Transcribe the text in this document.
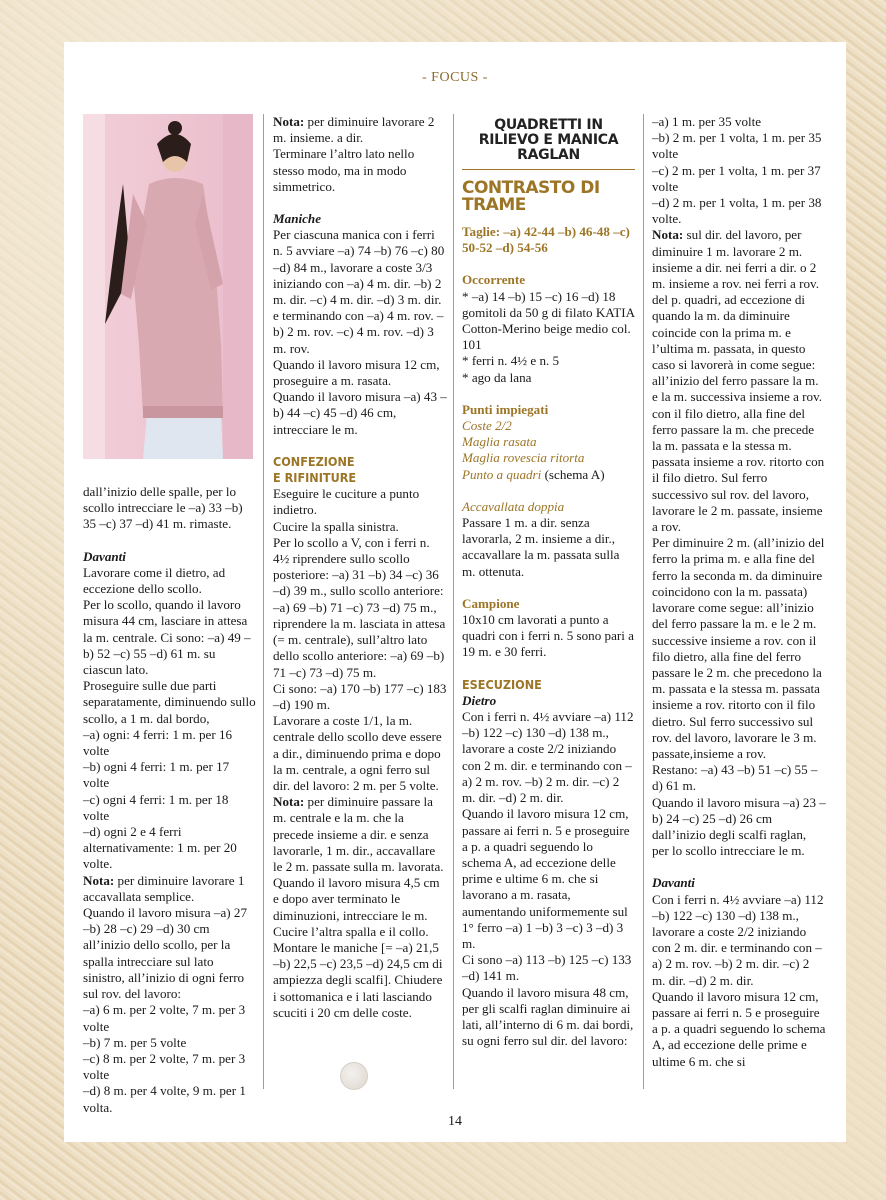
- FOCUS -

dall’inizio delle spalle, per lo scollo intrecciare le –a) 33 –b) 35 –c) 37 –d) 41 m. rimaste.

Davanti

Lavorare come il dietro, ad eccezione dello scollo.

Per lo scollo, quando il lavoro misura 44 cm, lasciare in attesa la m. centrale. Ci sono: –a) 49 –b) 52 –c) 55 –d) 61 m. su ciascun lato.

Proseguire sulle due parti separatamente, diminuendo sullo scollo, a 1 m. dal bordo,

–a) ogni: 4 ferri: 1 m. per 16 volte

–b) ogni 4 ferri: 1 m. per 17 volte

–c) ogni 4 ferri: 1 m. per 18 volte

–d) ogni 2 e 4 ferri alternativamente: 1 m. per 20 volte.

Nota: per diminuire lavorare 1 accavallata semplice.

Quando il lavoro misura –a) 27 –b) 28 –c) 29 –d) 30 cm all’inizio dello scollo, per la spalla intrecciare sul lato sinistro, all’inizio di ogni ferro sul rov. del lavoro:

–a) 6 m. per 2 volte, 7 m. per 3 volte

–b) 7 m. per 5 volte

–c) 8 m. per 2 volte, 7 m. per 3 volte

–d) 8 m. per 4 volte, 9 m. per 1 volta.

Nota: per diminuire lavorare 2 m. insieme. a dir.

Terminare l’altro lato nello stesso modo, ma in modo simmetrico.

Maniche

Per ciascuna manica con i ferri n. 5 avviare –a) 74 –b) 76 –c) 80 –d) 84 m., lavorare a coste 3/3 iniziando con –a) 4 m. dir. –b) 2 m. dir. –c) 4 m. dir. –d) 3 m. dir. e terminando con –a) 4 m. rov. –b) 2 m. rov. –c) 4 m. rov. –d) 3 m. rov.

Quando il lavoro misura 12 cm, proseguire a m. rasata.

Quando il lavoro misura –a) 43 –b) 44 –c) 45 –d) 46 cm, intrecciare le m.

CONFEZIONE

E RIFINITURE

Eseguire le cuciture a punto indietro.

Cucire la spalla sinistra.

Per lo scollo a V, con i ferri n. 4½ riprendere sullo scollo posteriore: –a) 31 –b) 34 –c) 36 –d) 39 m., sullo scollo anteriore: –a) 69 –b) 71 –c) 73 –d) 75 m., riprendere la m. lasciata in attesa (= m. centrale), sull’altro lato dello scollo anteriore: –a) 69 –b) 71 –c) 73 –d) 75 m.

Ci sono: –a) 170 –b) 177 –c) 183 –d) 190 m.

Lavorare a coste 1/1, la m. centrale dello scollo deve essere a dir., diminuendo prima e dopo la m. centrale, a ogni ferro sul dir. del lavoro: 2 m. per 5 volte.

Nota: per diminuire passare la m. centrale e la m. che la precede insieme a dir. e senza lavorarle, 1 m. dir., accavallare le 2 m. passate sulla m. lavorata.

Quando il lavoro misura 4,5 cm e dopo aver terminato le diminuzioni, intrecciare le m.

Cucire l’altra spalla e il collo.

Montare le maniche [= –a) 21,5 –b) 22,5 –c) 23,5 –d) 24,5 cm di ampiezza degli scalfi]. Chiudere i sottomanica e i lati lasciando scuciti i 20 cm delle coste.

QUADRETTI IN RILIEVO E MANICA RAGLAN
CONTRASTO DI TRAME

Taglie: –a) 42-44 –b) 46-48 –c) 50-52 –d) 54-56

Occorrente

* –a) 14 –b) 15 –c) 16 –d) 18 gomitoli da 50 g di filato KATIA Cotton-Merino beige medio col. 101

* ferri n. 4½ e n. 5

* ago da lana

Punti impiegati

Coste 2/2

Maglia rasata

Maglia rovescia ritorta

Punto a quadri (schema A)

Accavallata doppia

Passare 1 m. a dir. senza lavorarla, 2 m. insieme a dir., accavallare la m. passata sulla m. ottenuta.

Campione

10x10 cm lavorati a punto a quadri con i ferri n. 5 sono pari a 19 m. e 30 ferri.

ESECUZIONE

Dietro

Con i ferri n. 4½ avviare –a) 112 –b) 122 –c) 130 –d) 138 m., lavorare a coste 2/2 iniziando con 2 m. dir. e terminando con –a) 2 m. rov. –b) 2 m. dir. –c) 2 m. dir. –d) 2 m. dir.

Quando il lavoro misura 12 cm, passare ai ferri n. 5 e proseguire a p. a quadri seguendo lo schema A, ad eccezione delle prime e ultime 6 m. che si lavorano a m. rasata, aumentando uniformemente sul 1° ferro –a) 1 –b) 3 –c) 3 –d) 3 m.

Ci sono –a) 113 –b) 125 –c) 133 –d) 141 m.

Quando il lavoro misura 48 cm, per gli scalfi raglan diminuire ai lati, all’interno di 6 m. dai bordi, su ogni ferro sul dir. del lavoro:

–a) 1 m. per 35 volte

–b) 2 m. per 1 volta, 1 m. per 35 volte

–c) 2 m. per 1 volta, 1 m. per 37 volte

–d) 2 m. per 1 volta, 1 m. per 38 volte.

Nota: sul dir. del lavoro, per diminuire 1 m. lavorare 2 m. insieme a dir. nei ferri a dir. o 2 m. insieme a rov. nei ferri a rov. del p. quadri, ad eccezione di quando la m. da diminuire coincide con la prima m. e l’ultima m. passata, in questo caso si lavorerà in come segue: all’inizio del ferro passare la m. e la m. successiva insieme a rov. con il filo dietro, alla fine del ferro passare la m. che precede la m. passata e la stessa m. passata insieme a rov. ritorto con il filo dietro. Sul ferro successivo sul rov. del lavoro, lavorare le 2 m. passate, insieme a rov.

Per diminuire 2 m. (all’inizio del ferro la prima m. e alla fine del ferro la seconda m. da diminuire coincidono con la m. passata) lavorare come segue: all’inizio del ferro passare la m. e le 2 m. successive insieme a rov. con il filo dietro, alla fine del ferro passare le 2 m. che precedono la m. passata e la stessa m. passata insieme a rov. ritorto con il filo dietro. Sul ferro successivo sul rov. del lavoro, lavorare le 3 m. passate,insieme a rov.

Restano: –a) 43 –b) 51 –c) 55 –d) 61 m.

Quando il lavoro misura –a) 23 –b) 24 –c) 25 –d) 26 cm dall’inizio degli scalfi raglan, per lo scollo intrecciare le m.

Davanti

Con i ferri n. 4½ avviare –a) 112 –b) 122 –c) 130 –d) 138 m., lavorare a coste 2/2 iniziando con 2 m. dir. e terminando con –a) 2 m. rov. –b) 2 m. dir. –c) 2 m. dir. –d) 2 m. dir.

Quando il lavoro misura 12 cm, passare ai ferri n. 5 e proseguire a p. a quadri seguendo lo schema A, ad eccezione delle prime e ultime 6 m. che si

14
